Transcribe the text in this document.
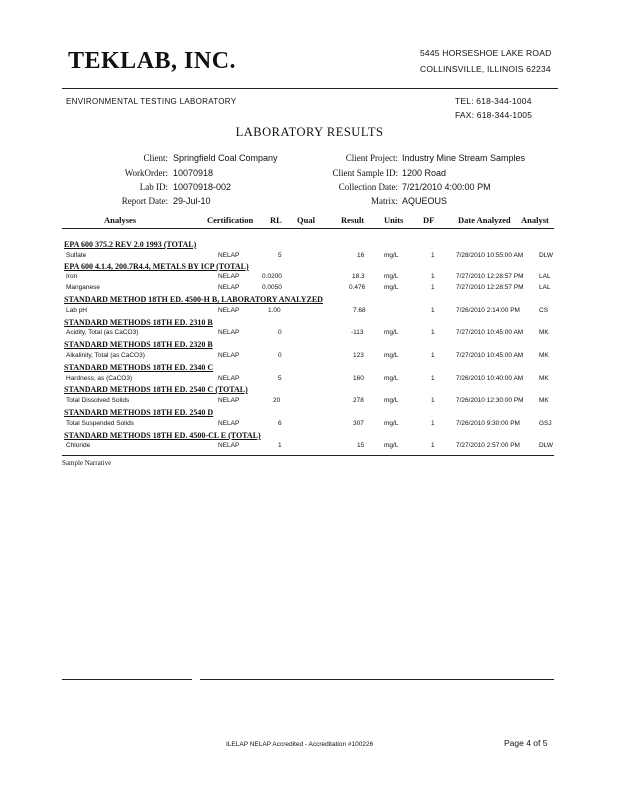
TEKLAB, INC.	5445 HORSESHOE LAKE ROAD
COLLINSVILLE, ILLINOIS 62234
ENVIRONMENTAL TESTING LABORATORY	TEL: 618-344-1004
FAX: 618-344-1005
LABORATORY RESULTS
Client: Springfield Coal Company
WorkOrder: 10070918
Lab ID: 10070918-002
Report Date: 29-Jul-10
Client Project: Industry Mine Stream Samples
Client Sample ID: 1200 Road
Collection Date: 7/21/2010 4:00:00 PM
Matrix: AQUEOUS
Analyses	Certification RL Qual	Result Units DF	Date Analyzed Analyst
EPA 600 375.2 REV 2.0 1993 (TOTAL)
Sulfate	NELAP	5	16	mg/L	1	7/28/2010 10:55:00 AM DLW
EPA 600 4.1.4, 200.7R4.4, METALS BY ICP (TOTAL)
Iron	NELAP	0.0200	18.3	mg/L	1	7/27/2010 12:28:57 PM LAL
Manganese	NELAP	0.0050	0.476	mg/L	1	7/27/2010 12:28:57 PM LAL
STANDARD METHOD 18TH ED. 4500-H B, LABORATORY ANALYZED
Lab pH	NELAP	1.00	7.68	1	7/26/2010 2:14:00 PM	CS
STANDARD METHODS 18TH ED. 2310 B
Acidity, Total (as CaCO3)	NELAP	0	-113	mg/L	1	7/27/2010 10:45:00 AM MK
STANDARD METHODS 18TH ED. 2320 B
Alkalinity, Total (as CaCO3)	NELAP	0	123	mg/L	1	7/27/2010 10:45:00 AM MK
STANDARD METHODS 18TH ED. 2340 C
Hardness, as (CaCO3)	NELAP	5	160	mg/L	1	7/26/2010 10:40:00 AM MK
STANDARD METHODS 18TH ED. 2540 C (TOTAL)
Total Dissolved Solids	NELAP	20	278	mg/L	1	7/26/2010 12:30:00 PM MK
STANDARD METHODS 18TH ED. 2540 D
Total Suspended Solids	NELAP	6	307	mg/L	1	7/26/2010 9:30:00 PM	GSJ
STANDARD METHODS 18TH ED. 4500-CL E (TOTAL)
Chloride	NELAP	1	15	mg/L	1	7/27/2010 2:57:00 PM	DLW
Sample Narrative
ILELAP NELAP Accredited - Accreditation #100226	Page 4 of 5
